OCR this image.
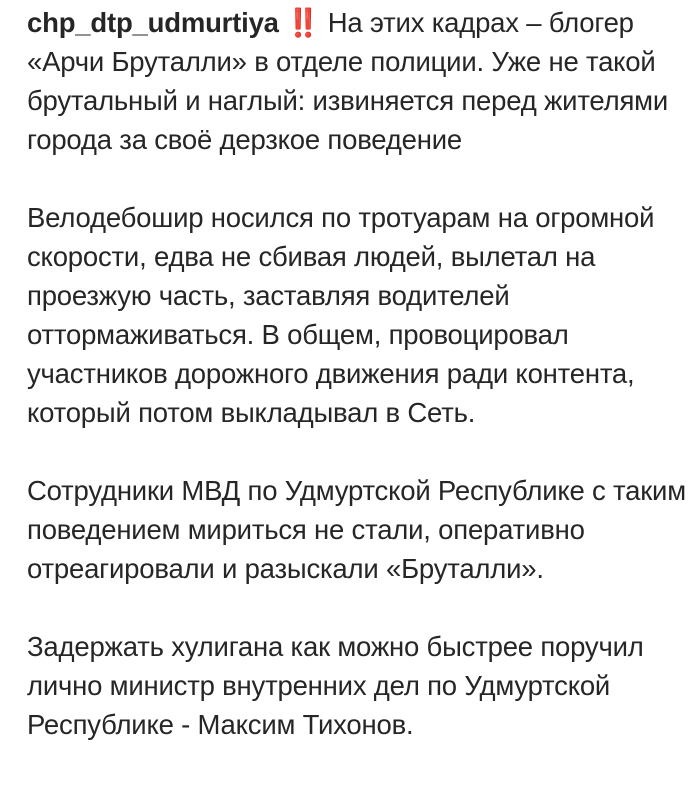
chp_dtp_udmurtiya ‼️ На этих кадрах – блогер «Арчи Бруталли» в отделе полиции. Уже не такой брутальный и наглый: извиняется перед жителями города за своё дерзкое поведение

Велодебошир носился по тротуарам на огромной скорости, едва не сбивая людей, вылетал на проезжую часть, заставляя водителей оттормаживаться. В общем, провоцировал участников дорожного движения ради контента, который потом выкладывал в Сеть.

Сотрудники МВД по Удмуртской Республике с таким поведением мириться не стали, оперативно отреагировали и разыскали «Бруталли».

Задержать хулигана как можно быстрее поручил лично министр внутренних дел по Удмуртской Республике - Максим Тихонов.
